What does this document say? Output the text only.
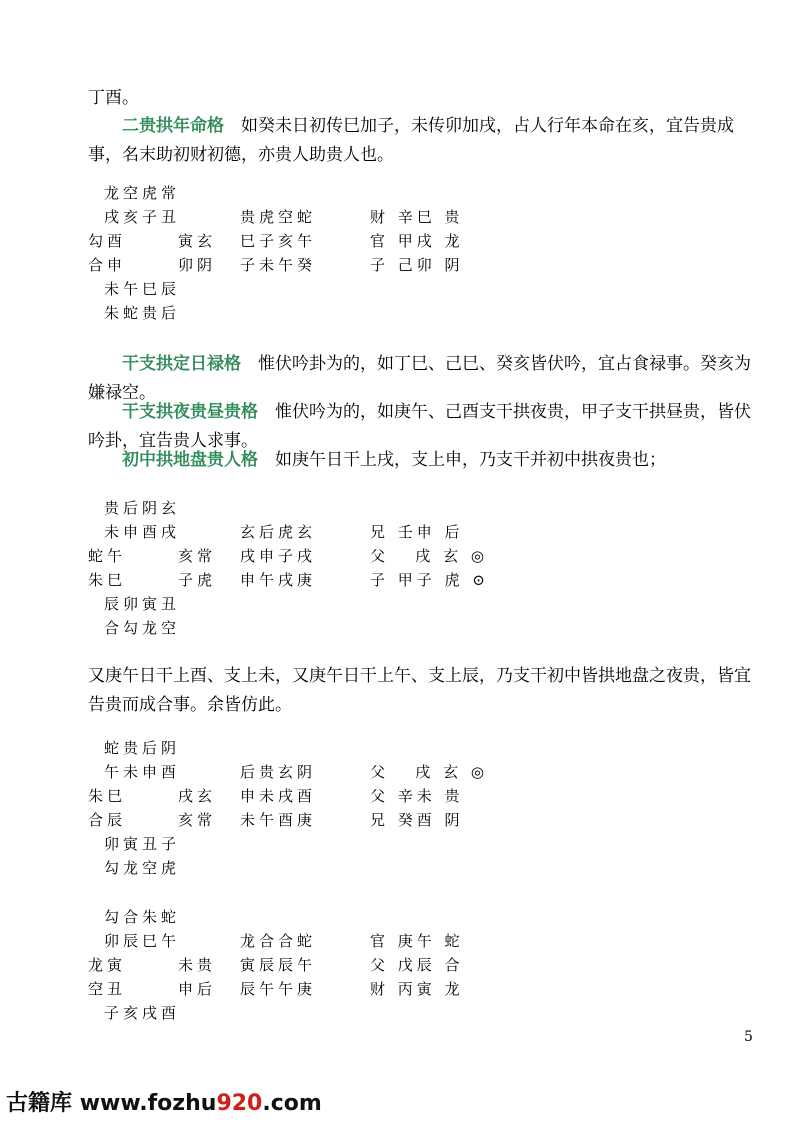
丁酉。

二贵拱年命格　 如癸未日初传巳加子，未传卯加戌，占人行年本命在亥，宜告贵成事，名末助初财初德，亦贵人助贵人也。

龙空虎常
戌亥子丑	贵虎空蛇	财 辛巳 贵
勾酉	寅玄 巳子亥午	官 甲戌 龙
合申	卯阴 子未午癸	子 己卯 阴
未午巳辰
朱蛇贵后

干支拱定日禄格　 惟伏吟卦为的，如丁巳、己巳、癸亥皆伏吟，宜占食禄事。癸亥为嫌禄空。

干支拱夜贵昼贵格　 惟伏吟为的，如庚午、己酉支干拱夜贵，甲子支干拱昼贵，皆伏吟卦，宜告贵人求事。

初中拱地盘贵人格　 如庚午日干上戌，支上申，乃支干并初中拱夜贵也；

贵后阴玄
未申酉戌	玄后虎玄	兄 壬申 后
蛇午	亥常 戌申子戌	父   戌 玄 ◎
朱巳	子虎 申午戌庚	子 甲子 虎 ⊙
辰卯寅丑
合勾龙空

又庚午日干上酉、支上未，又庚午日干上午、支上辰，乃支干初中皆拱地盘之夜贵，皆宜告贵而成合事。余皆仿此。

蛇贵后阴
午未申酉	后贵玄阴	父   戌 玄 ◎
朱巳	戌玄 申未戌酉	父 辛未 贵
合辰	亥常 未午酉庚	兄 癸酉 阴
卯寅丑子
勾龙空虎
勾合朱蛇
卯辰巳午	龙合合蛇	官 庚午 蛇
龙寅	未贵 寅辰辰午	父 戊辰 合
空丑	申后 辰午午庚	财 丙寅 龙
子亥戌酉
5
古籍库 www.fozhu920.com
